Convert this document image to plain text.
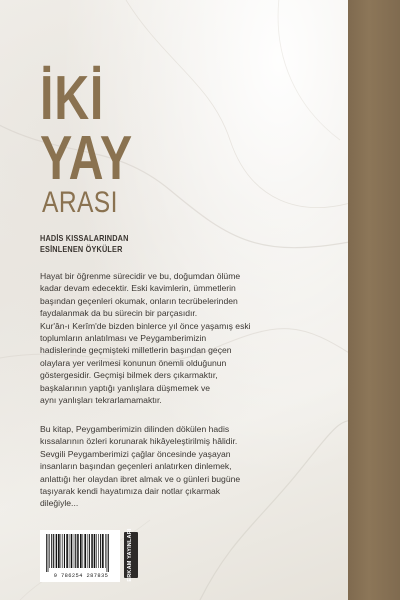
İKİ
YAY
ARASI
HADİS KISSALARINDAN
ESİNLENEN ÖYKÜLER

Hayat bir öğrenme sürecidir ve bu, doğumdan ölüme
kadar devam edecektir. Eski kavimlerin, ümmetlerin
başından geçenleri okumak, onların tecrübelerinden
faydalanmak da bu sürecin bir parçasıdır.
Kur'ân-ı Kerîm'de bizden binlerce yıl önce yaşamış eski
toplumların anlatılması ve Peygamberimizin
hadislerinde geçmişteki milletlerin başından geçen
olaylara yer verilmesi konunun önemli olduğunun
göstergesidir. Geçmişi bilmek ders çıkarmaktır,
başkalarının yaptığı yanlışlara düşmemek ve
aynı yanlışları tekrarlamamaktır.

Bu kitap, Peygamberimizin dilinden dökülen hadis
kıssalarının özleri korunarak hikâyeleştirilmiş hâlidir.
Sevgili Peygamberimizi çağlar öncesinde yaşayan
insanların başından geçenleri anlatırken dinlemek,
anlattığı her olaydan ibret almak ve o günleri bugüne
taşıyarak kendi hayatımıza dair notlar çıkarmak
dileğiyle...

9 786254 287835	ERKAM YAYINLARI
